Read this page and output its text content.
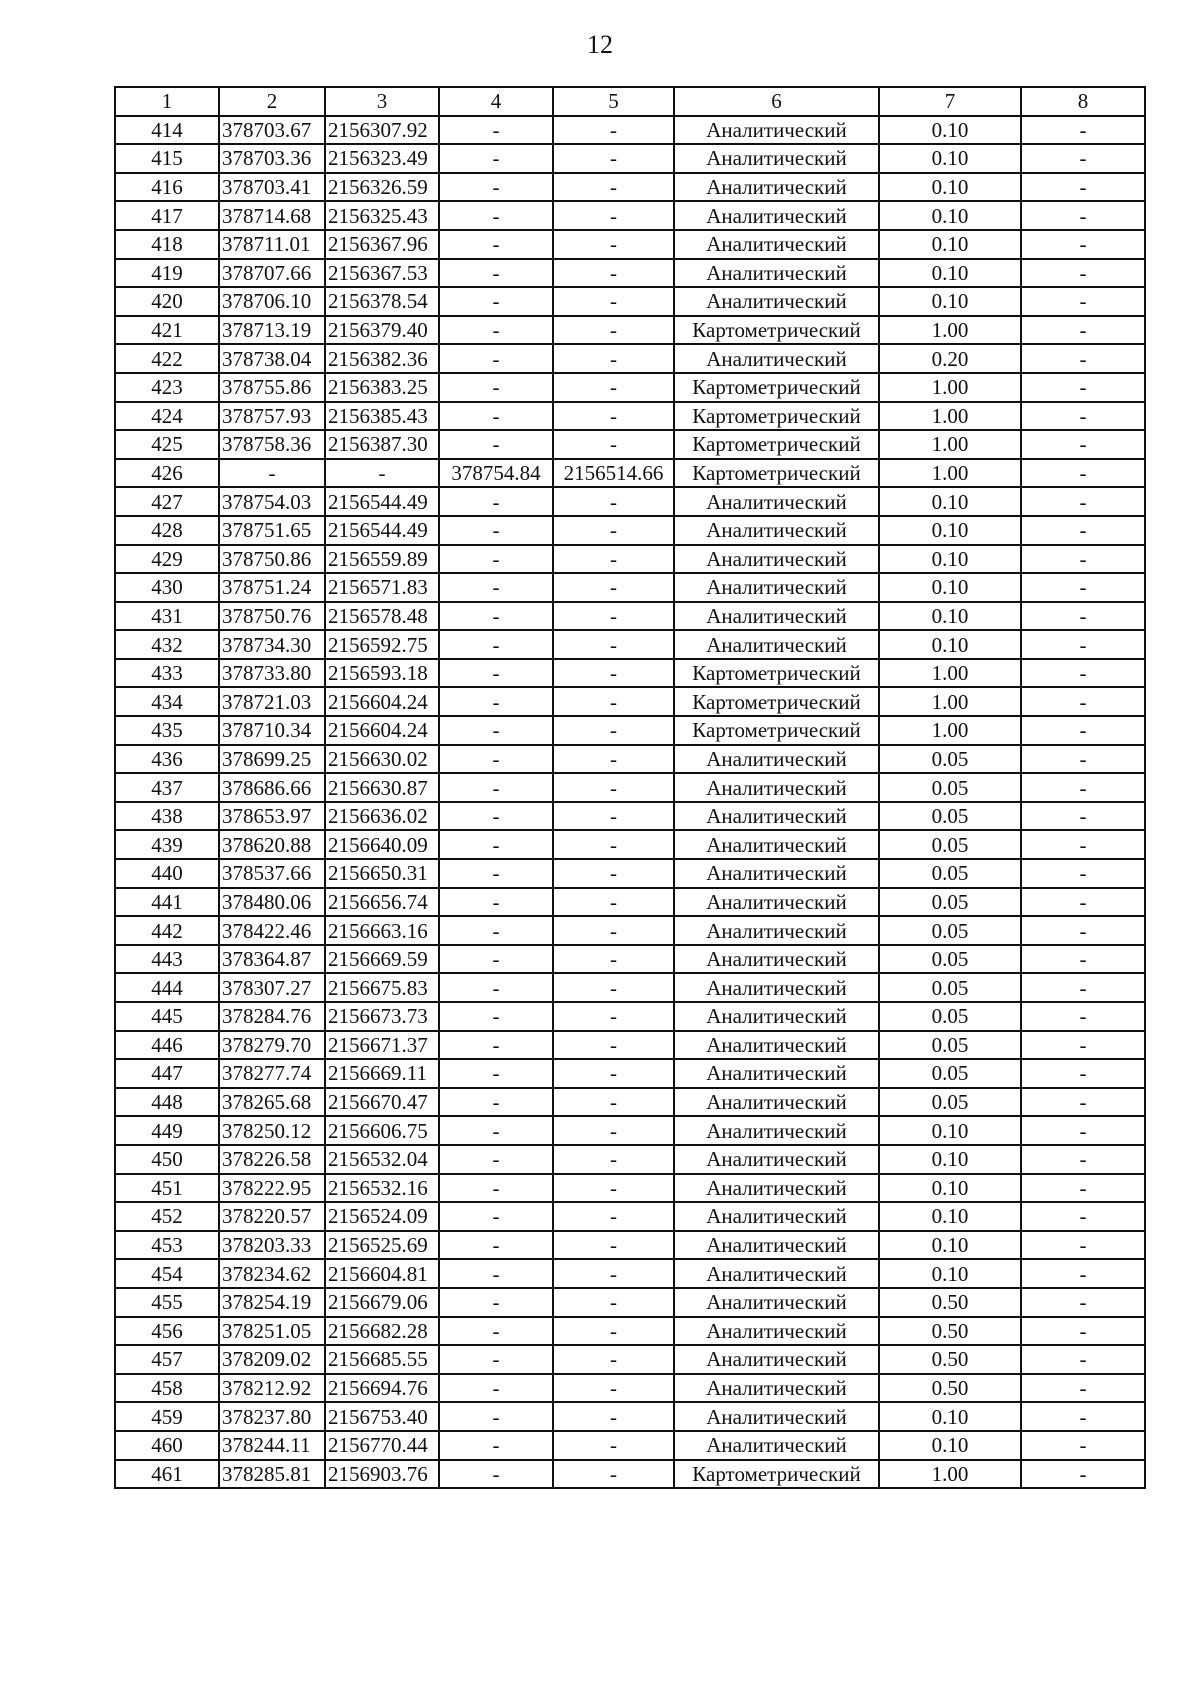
12
1	2	3	4	5	6	7	8
414	378703.67	2156307.92	-	-	Аналитический	0.10	-
415	378703.36	2156323.49	-	-	Аналитический	0.10	-
416	378703.41	2156326.59	-	-	Аналитический	0.10	-
417	378714.68	2156325.43	-	-	Аналитический	0.10	-
418	378711.01	2156367.96	-	-	Аналитический	0.10	-
419	378707.66	2156367.53	-	-	Аналитический	0.10	-
420	378706.10	2156378.54	-	-	Аналитический	0.10	-
421	378713.19	2156379.40	-	-	Картометрический	1.00	-
422	378738.04	2156382.36	-	-	Аналитический	0.20	-
423	378755.86	2156383.25	-	-	Картометрический	1.00	-
424	378757.93	2156385.43	-	-	Картометрический	1.00	-
425	378758.36	2156387.30	-	-	Картометрический	1.00	-
426	-	-	378754.84	2156514.66	Картометрический	1.00	-
427	378754.03	2156544.49	-	-	Аналитический	0.10	-
428	378751.65	2156544.49	-	-	Аналитический	0.10	-
429	378750.86	2156559.89	-	-	Аналитический	0.10	-
430	378751.24	2156571.83	-	-	Аналитический	0.10	-
431	378750.76	2156578.48	-	-	Аналитический	0.10	-
432	378734.30	2156592.75	-	-	Аналитический	0.10	-
433	378733.80	2156593.18	-	-	Картометрический	1.00	-
434	378721.03	2156604.24	-	-	Картометрический	1.00	-
435	378710.34	2156604.24	-	-	Картометрический	1.00	-
436	378699.25	2156630.02	-	-	Аналитический	0.05	-
437	378686.66	2156630.87	-	-	Аналитический	0.05	-
438	378653.97	2156636.02	-	-	Аналитический	0.05	-
439	378620.88	2156640.09	-	-	Аналитический	0.05	-
440	378537.66	2156650.31	-	-	Аналитический	0.05	-
441	378480.06	2156656.74	-	-	Аналитический	0.05	-
442	378422.46	2156663.16	-	-	Аналитический	0.05	-
443	378364.87	2156669.59	-	-	Аналитический	0.05	-
444	378307.27	2156675.83	-	-	Аналитический	0.05	-
445	378284.76	2156673.73	-	-	Аналитический	0.05	-
446	378279.70	2156671.37	-	-	Аналитический	0.05	-
447	378277.74	2156669.11	-	-	Аналитический	0.05	-
448	378265.68	2156670.47	-	-	Аналитический	0.05	-
449	378250.12	2156606.75	-	-	Аналитический	0.10	-
450	378226.58	2156532.04	-	-	Аналитический	0.10	-
451	378222.95	2156532.16	-	-	Аналитический	0.10	-
452	378220.57	2156524.09	-	-	Аналитический	0.10	-
453	378203.33	2156525.69	-	-	Аналитический	0.10	-
454	378234.62	2156604.81	-	-	Аналитический	0.10	-
455	378254.19	2156679.06	-	-	Аналитический	0.50	-
456	378251.05	2156682.28	-	-	Аналитический	0.50	-
457	378209.02	2156685.55	-	-	Аналитический	0.50	-
458	378212.92	2156694.76	-	-	Аналитический	0.50	-
459	378237.80	2156753.40	-	-	Аналитический	0.10	-
460	378244.11	2156770.44	-	-	Аналитический	0.10	-
461	378285.81	2156903.76	-	-	Картометрический	1.00	-
